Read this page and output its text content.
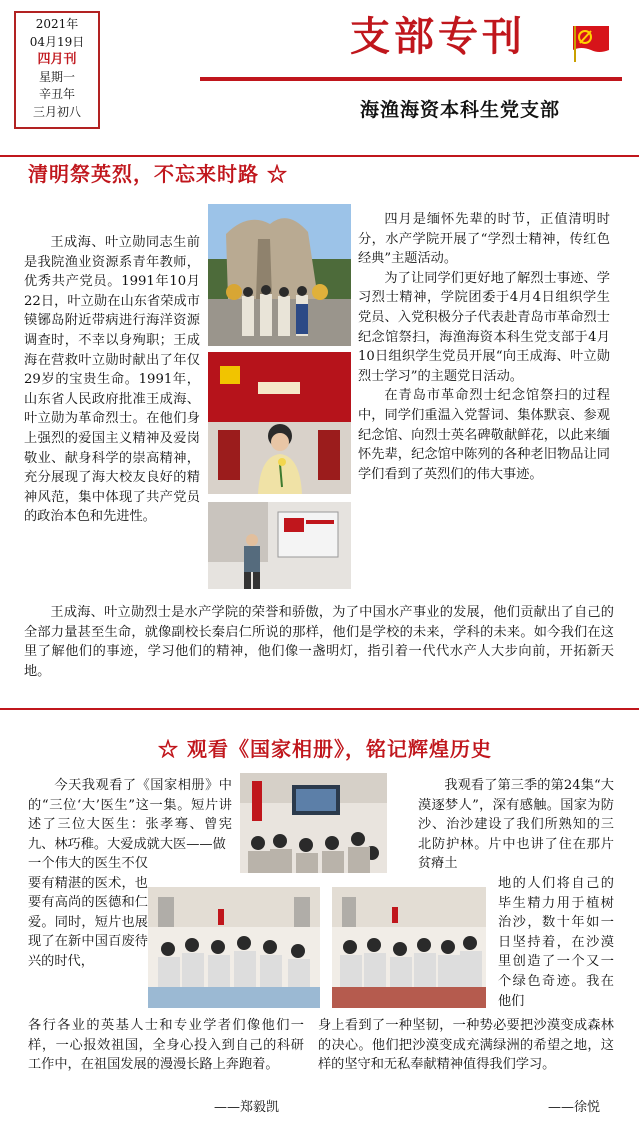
2021年
04月19日
四月刊
星期一
辛丑年
三月初八
支部专刊
海渔海资本科生党支部
清明祭英烈，不忘来时路 ☆

王成海、叶立勋同志生前是我院渔业资源系青年教师，优秀共产党员。1991年10月22日，叶立勋在山东省荣成市镆铘岛附近带病进行海洋资源调查时，不幸以身殉职；王成海在营救叶立勋时献出了年仅29岁的宝贵生命。1991年，山东省人民政府批准王成海、叶立勋为革命烈士。在他们身上强烈的爱国主义精神及爱岗敬业、献身科学的崇高精神，充分展现了海大校友良好的精神风范，集中体现了共产党员的政治本色和先进性。

四月是缅怀先辈的时节，正值清明时分，水产学院开展了“学烈士精神，传红色经典”主题活动。

为了让同学们更好地了解烈士事迹、学习烈士精神，学院团委于4月4日组织学生党员、入党积极分子代表赴青岛市革命烈士纪念馆祭扫，海渔海资本科生党支部于4月10日组织学生党员开展“向王成海、叶立勋烈士学习”的主题党日活动。

在青岛市革命烈士纪念馆祭扫的过程中，同学们重温入党誓词、集体默哀、参观纪念馆、向烈士英名碑敬献鲜花，以此来缅怀先辈，纪念馆中陈列的各种老旧物品让同学们看到了英烈们的伟大事迹。

王成海、叶立勋烈士是水产学院的荣誉和骄傲，为了中国水产事业的发展，他们贡献出了自己的全部力量甚至生命，就像副校长秦启仁所说的那样，他们是学校的未来，学科的未来。如今我们在这里了解他们的事迹，学习他们的精神，他们像一盏明灯，指引着一代代水产人大步向前，开拓新天地。

☆ 观看《国家相册》，铭记辉煌历史

今天我观看了《国家相册》中的“三位‘大’医生”这一集。短片讲述了三位大医生：张孝骞、曾宪九、林巧稚。大爱成就大医——做

一个伟大的医生不仅要有精湛的医术，也要有高尚的医德和仁爱。同时，短片也展现了在新中国百废待兴的时代，

各行各业的英基人士和专业学者们像他们一样，一心报效祖国，全身心投入到自己的科研工作中，在祖国发展的漫漫长路上奔跑着。

——郑毅凯

我观看了第三季的第24集“大漠逐梦人”，深有感触。国家为防沙、治沙建设了我们所熟知的三北防护林。片中也讲了住在那片贫瘠土

地的人们将自己的毕生精力用于植树治沙，数十年如一日坚持着，在沙漠里创造了一个又一个绿色奇迹。我在他们

身上看到了一种坚韧，一种势必要把沙漠变成森林的决心。他们把沙漠变成充满绿洲的希望之地，这样的坚守和无私奉献精神值得我们学习。

——徐悦
